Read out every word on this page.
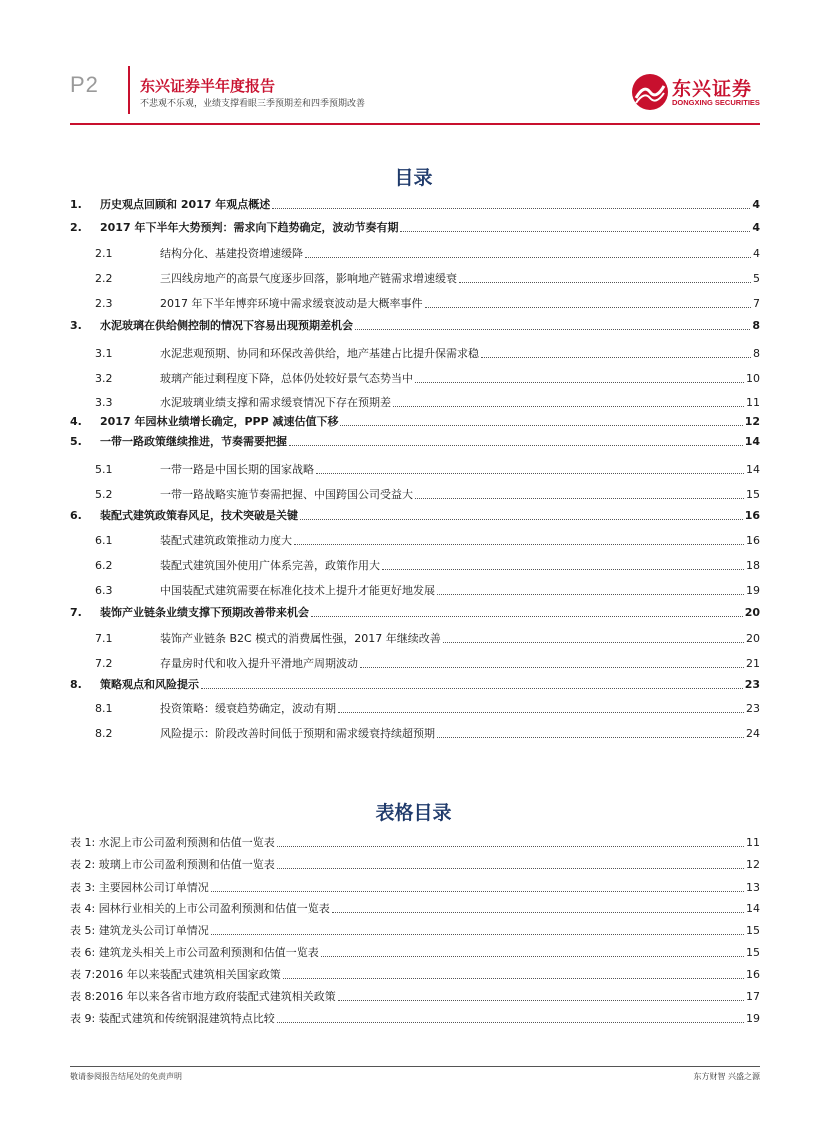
P2	东兴证券半年度报告
不悲观不乐观，业绩支撑看眼三季预期差和四季预期改善
东兴证券
DONGXING SECURITIES
目录
1.	历史观点回顾和 2017 年观点概述	4
2.	2017 年下半年大势预判：需求向下趋势确定，波动节奏有期	4
2.1	结构分化、基建投资增速缓降	4
2.2	三四线房地产的高景气度逐步回落，影响地产链需求增速缓衰	5
2.3	2017 年下半年博弈环境中需求缓衰波动是大概率事件	7
3.	水泥玻璃在供给侧控制的情况下容易出现预期差机会	8
3.1	水泥悲观预期、协同和环保改善供给，地产基建占比提升保需求稳	8
3.2	玻璃产能过剩程度下降，总体仍处较好景气态势当中	10
3.3	水泥玻璃业绩支撑和需求缓衰情况下存在预期差	11
4.	2017 年园林业绩增长确定，PPP 减速估值下移	12
5.	一带一路政策继续推进，节奏需要把握	14
5.1	一带一路是中国长期的国家战略	14
5.2	一带一路战略实施节奏需把握、中国跨国公司受益大	15
6.	装配式建筑政策春风足，技术突破是关键	16
6.1	装配式建筑政策推动力度大	16
6.2	装配式建筑国外使用广体系完善，政策作用大	18
6.3	中国装配式建筑需要在标准化技术上提升才能更好地发展	19
7.	装饰产业链条业绩支撑下预期改善带来机会	20
7.1	装饰产业链条 B2C 模式的消费属性强，2017 年继续改善	20
7.2	存量房时代和收入提升平滑地产周期波动	21
8.	策略观点和风险提示	23
8.1	投资策略：缓衰趋势确定，波动有期	23
8.2	风险提示：阶段改善时间低于预期和需求缓衰持续超预期	24
表格目录
表 1: 水泥上市公司盈利预测和估值一览表	11
表 2: 玻璃上市公司盈利预测和估值一览表	12
表 3: 主要园林公司订单情况	13
表 4: 园林行业相关的上市公司盈利预测和估值一览表	14
表 5: 建筑龙头公司订单情况	15
表 6: 建筑龙头相关上市公司盈利预测和估值一览表	15
表 7:2016 年以来装配式建筑相关国家政策	16
表 8:2016 年以来各省市地方政府装配式建筑相关政策	17
表 9: 装配式建筑和传统钢混建筑特点比较	19
敬请参阅报告结尾处的免责声明	东方财智 兴盛之源
